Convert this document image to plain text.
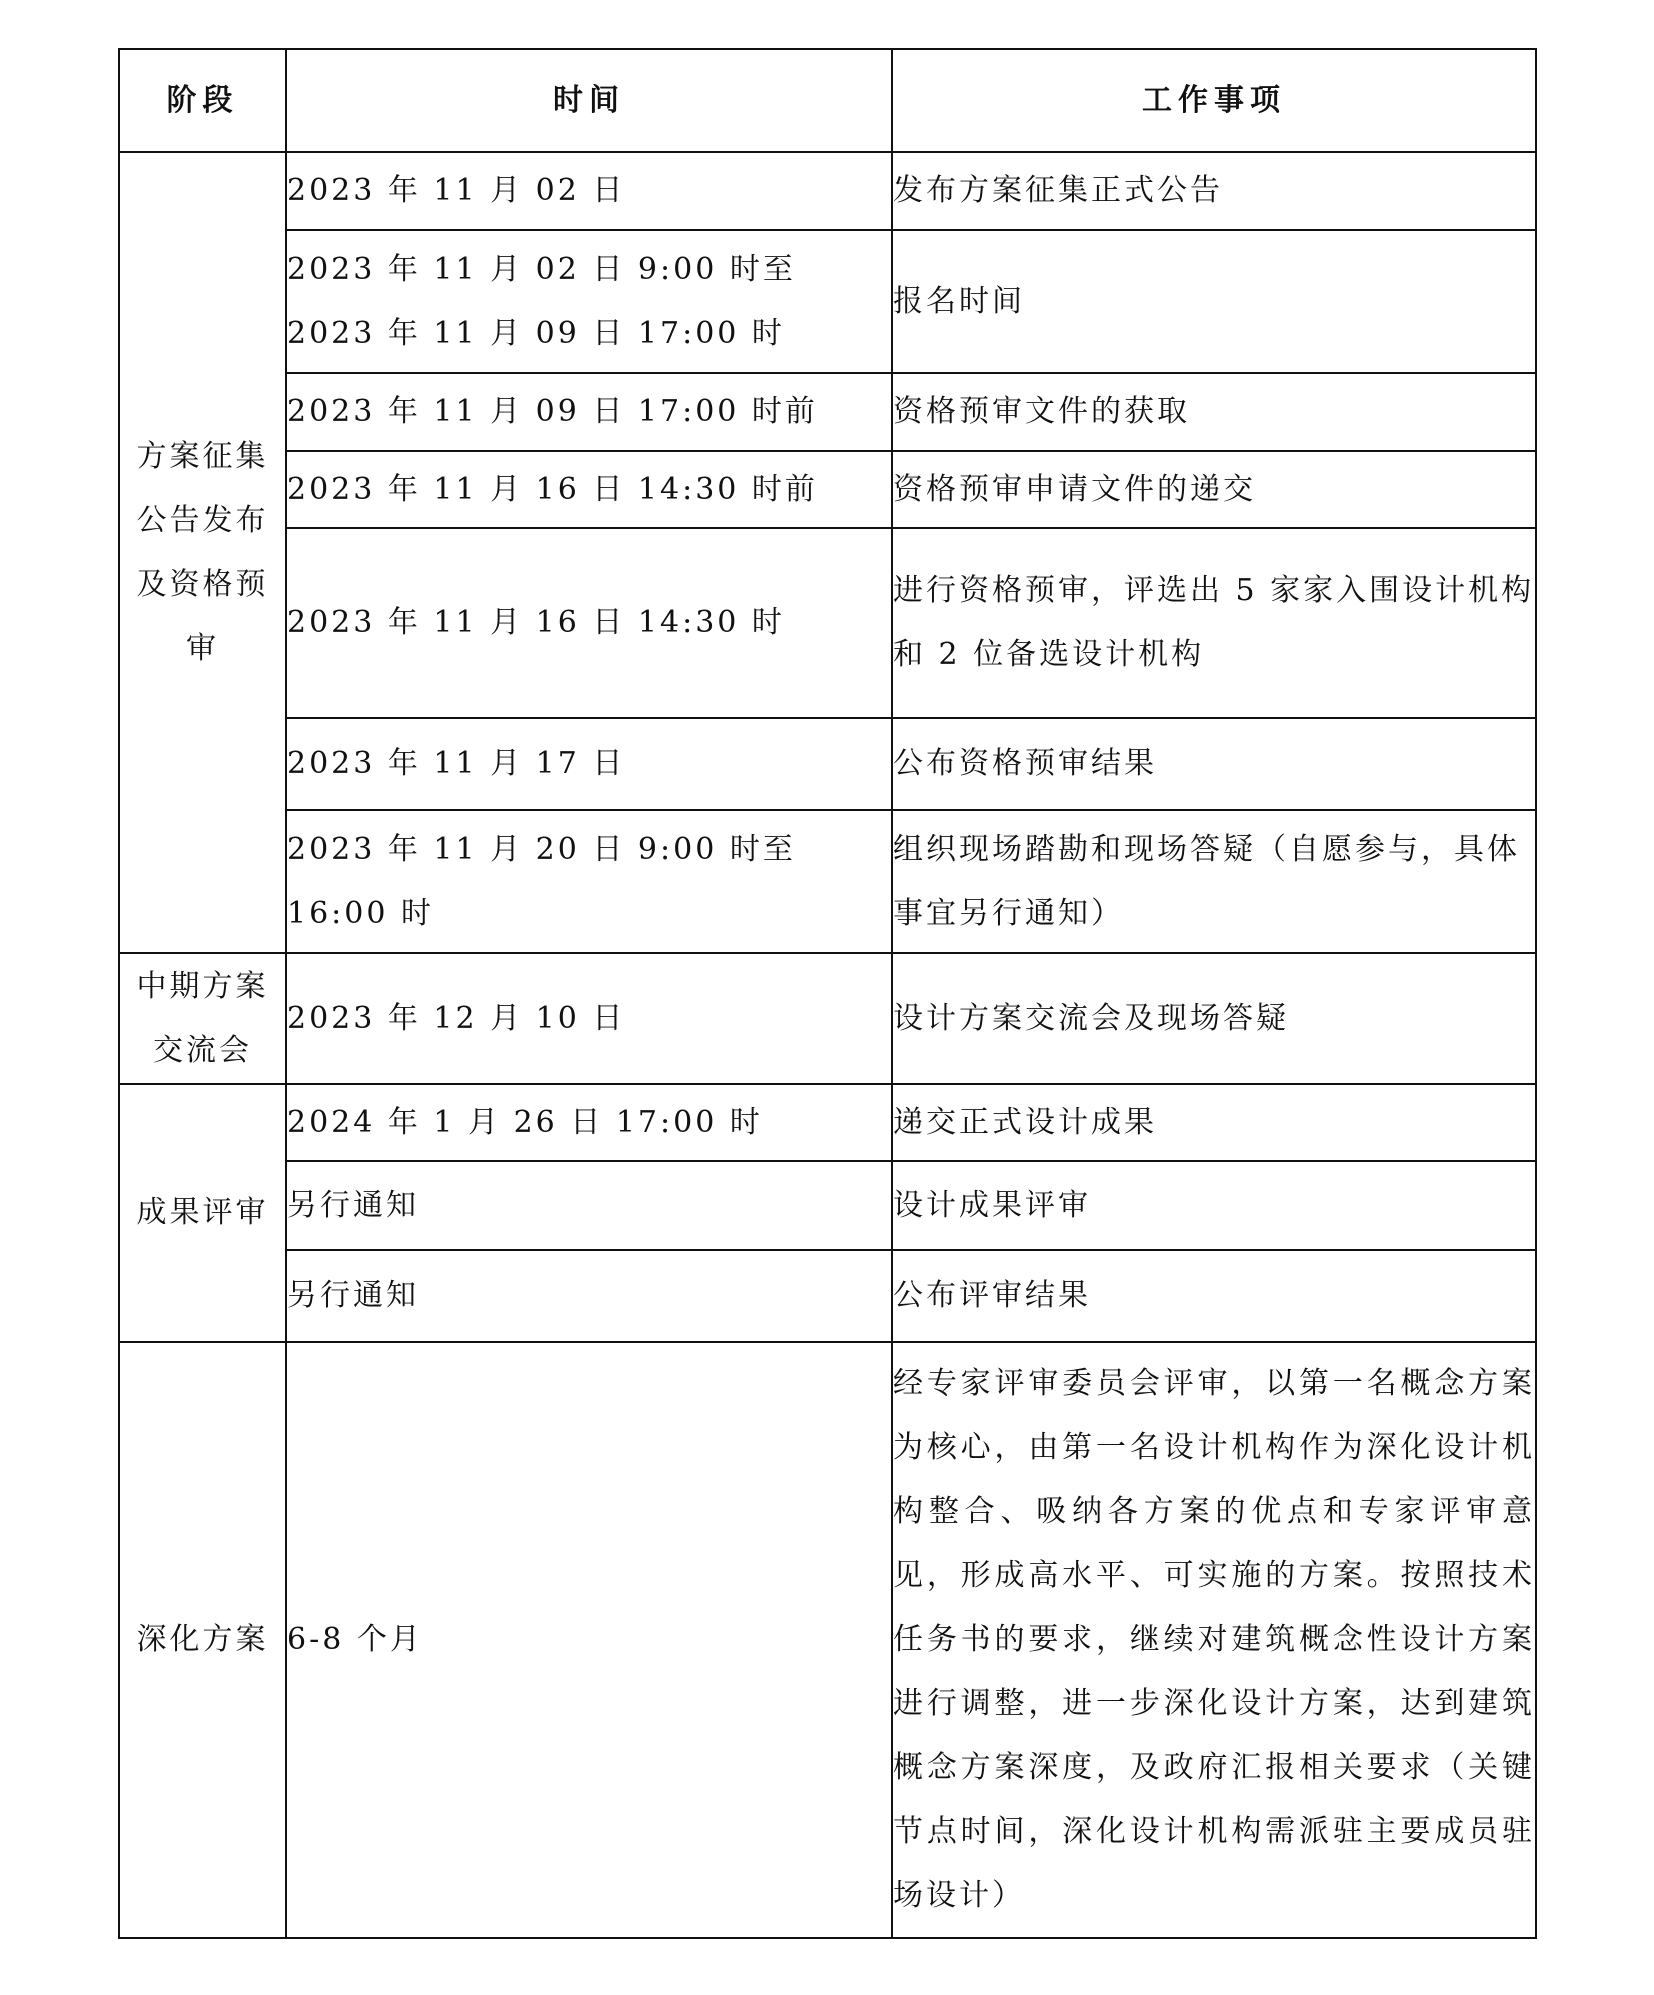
阶段	时间	工作事项
方案征集公告发布及资格预审	2023 年 11 月 02 日	发布方案征集正式公告
	2023 年 11 月 02 日 9:00 时至 2023 年 11 月 09 日 17:00 时	报名时间
	2023 年 11 月 09 日 17:00 时前	资格预审文件的获取
	2023 年 11 月 16 日 14:30 时前	资格预审申请文件的递交
	2023 年 11 月 16 日 14:30 时	进行资格预审，评选出 5 家家入围设计机构和 2 位备选设计机构
	2023 年 11 月 17 日	公布资格预审结果
	2023 年 11 月 20 日 9:00 时至 16:00 时	组织现场踏勘和现场答疑（自愿参与，具体事宜另行通知）
中期方案交流会	2023 年 12 月 10 日	设计方案交流会及现场答疑
成果评审	2024 年 1 月 26 日 17:00 时	递交正式设计成果
	另行通知	设计成果评审
	另行通知	公布评审结果
深化方案	6-8 个月	经专家评审委员会评审，以第一名概念方案为核心，由第一名设计机构作为深化设计机构整合、吸纳各方案的优点和专家评审意见，形成高水平、可实施的方案。按照技术任务书的要求，继续对建筑概念性设计方案进行调整，进一步深化设计方案，达到建筑概念方案深度，及政府汇报相关要求（关键节点时间，深化设计机构需派驻主要成员驻场设计）
